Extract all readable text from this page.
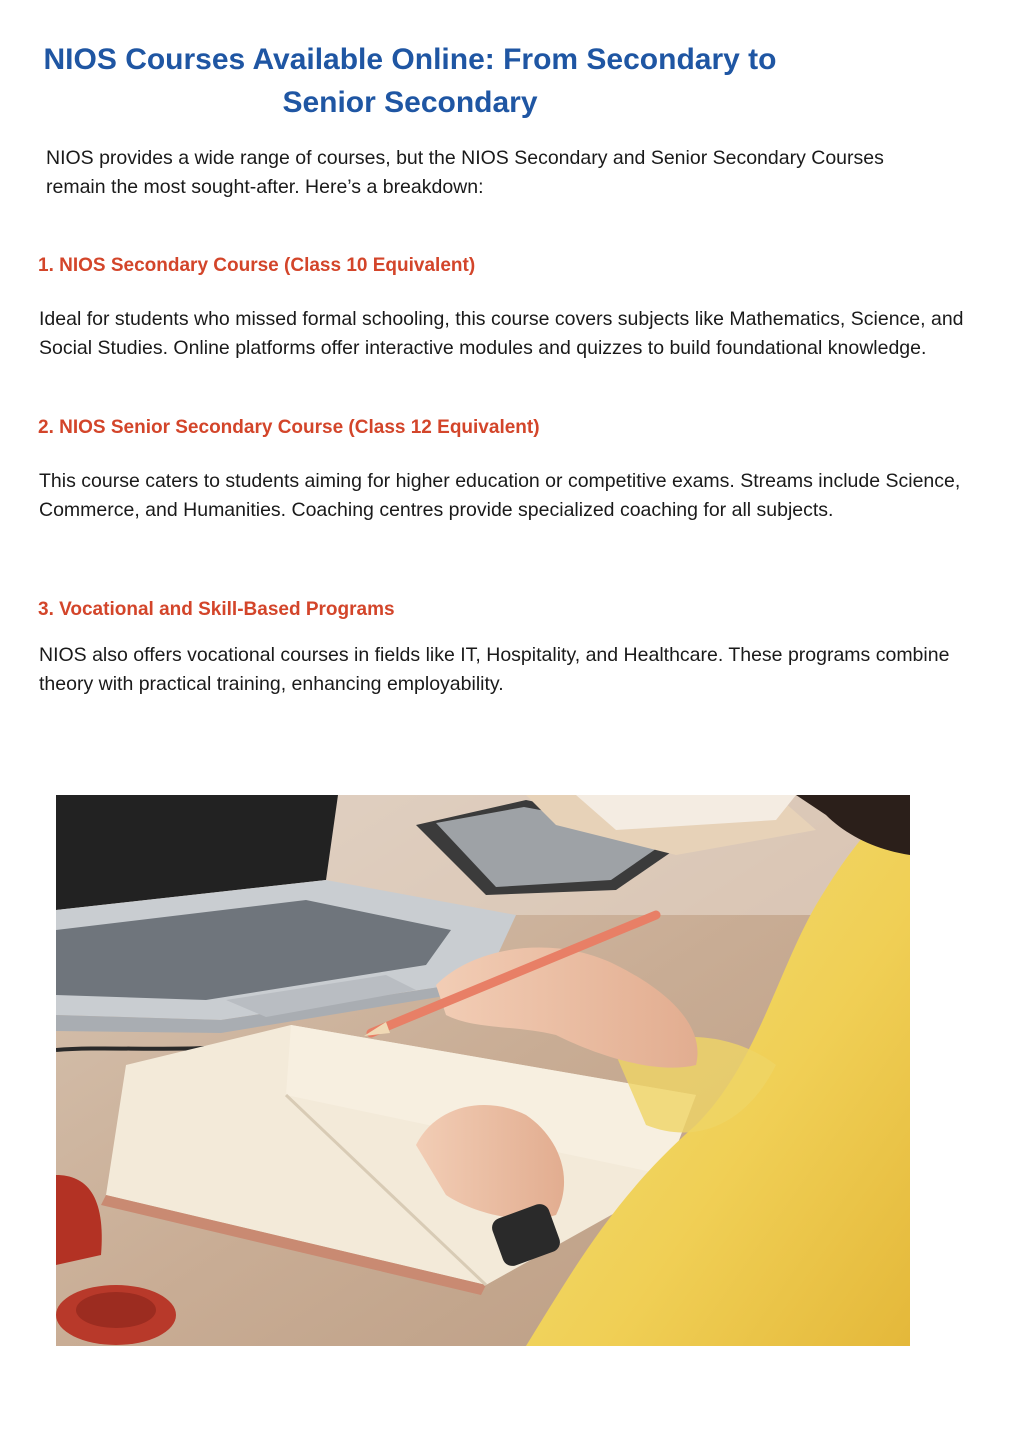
NIOS Courses Available Online: From Secondary to
Senior Secondary

NIOS provides a wide range of courses, but the NIOS Secondary and Senior Secondary Courses remain the most sought-after. Here’s a breakdown:

1. NIOS Secondary Course (Class 10 Equivalent)

Ideal for students who missed formal schooling, this course covers subjects like Mathematics, Science, and Social Studies. Online platforms offer interactive modules and quizzes to build foundational knowledge.

2. NIOS Senior Secondary Course (Class 12 Equivalent)

This course caters to students aiming for higher education or competitive exams. Streams include Science, Commerce, and Humanities. Coaching centres provide specialized coaching for all subjects.

3. Vocational and Skill-Based Programs

NIOS also offers vocational courses in fields like IT, Hospitality, and Healthcare. These programs combine theory with practical training, enhancing employability.
